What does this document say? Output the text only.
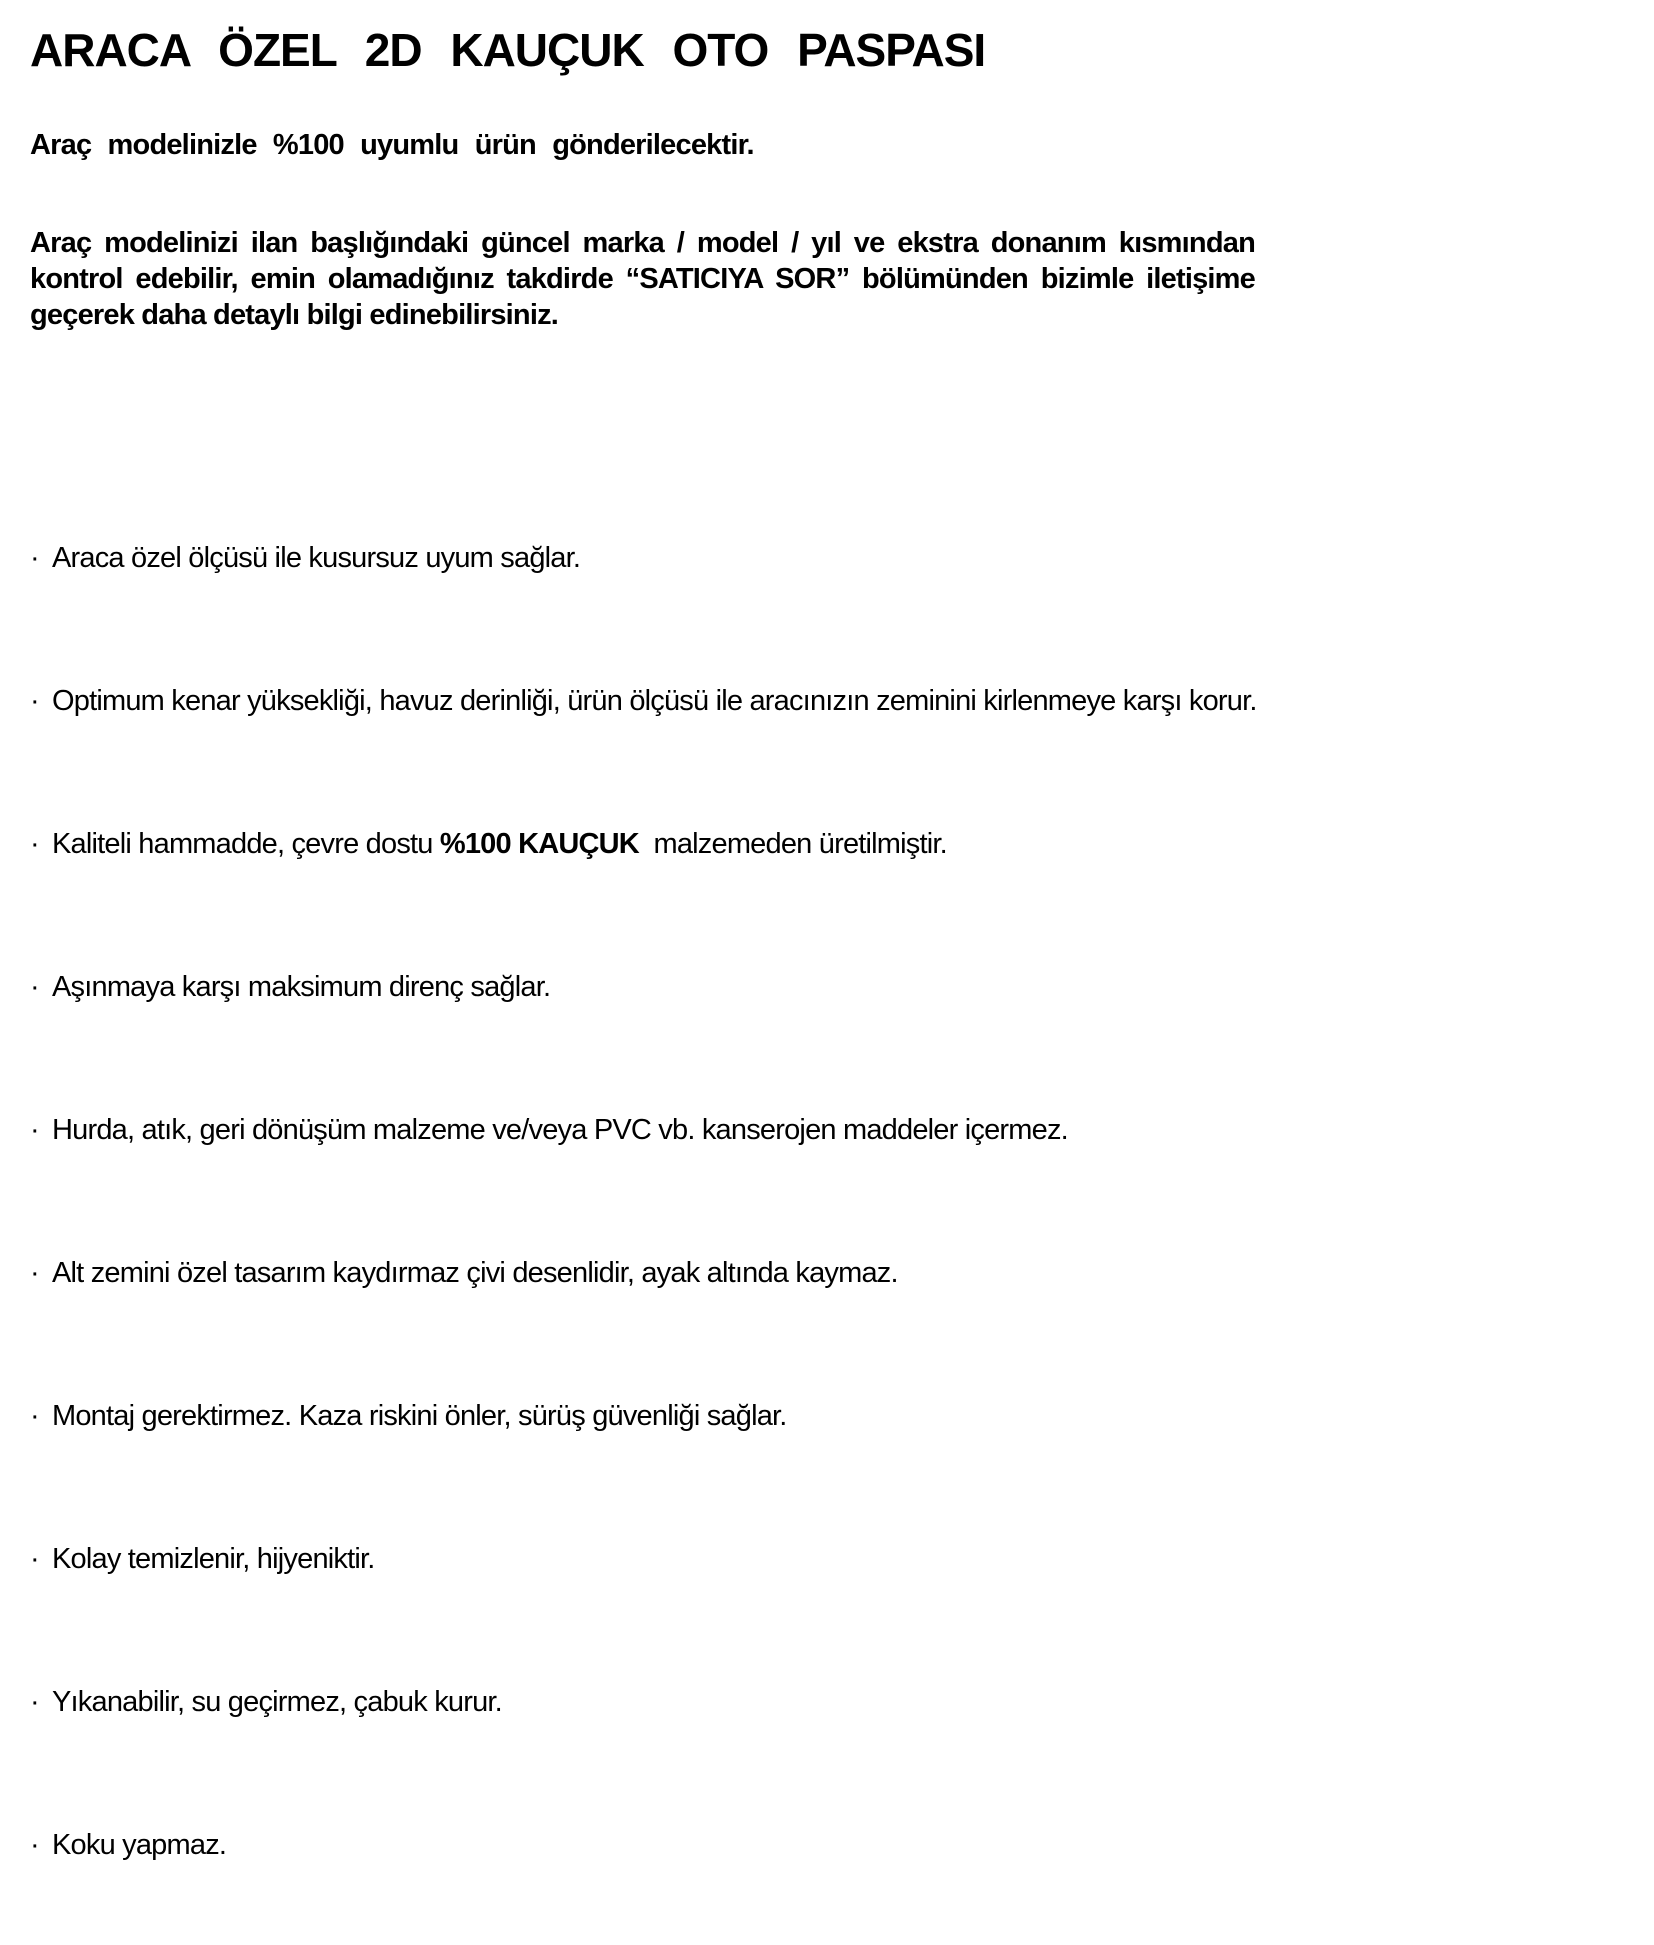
ARACA ÖZEL 2D KAUÇUK OTO PASPASI

Araç modelinizle %100 uyumlu ürün gönderilecektir.

Araç modelinizi ilan başlığındaki güncel marka / model / yıl ve ekstra donanım kısmından kontrol edebilir, emin olamadığınız takdirde “SATICIYA SOR” bölümünden bizimle iletişime geçerek daha detaylı bilgi edinebilirsiniz.

· Araca özel ölçüsü ile kusursuz uyum sağlar.
· Optimum kenar yüksekliği, havuz derinliği, ürün ölçüsü ile aracınızın zeminini kirlenmeye karşı korur.
· Kaliteli hammadde, çevre dostu %100 KAUÇUK  malzemeden üretilmiştir.
· Aşınmaya karşı maksimum direnç sağlar.
· Hurda, atık, geri dönüşüm malzeme ve/veya PVC vb. kanserojen maddeler içermez.
· Alt zemini özel tasarım kaydırmaz çivi desenlidir, ayak altında kaymaz.
· Montaj gerektirmez. Kaza riskini önler, sürüş güvenliği sağlar.
· Kolay temizlenir, hijyeniktir.
· Yıkanabilir, su geçirmez, çabuk kurur.
· Koku yapmaz.
